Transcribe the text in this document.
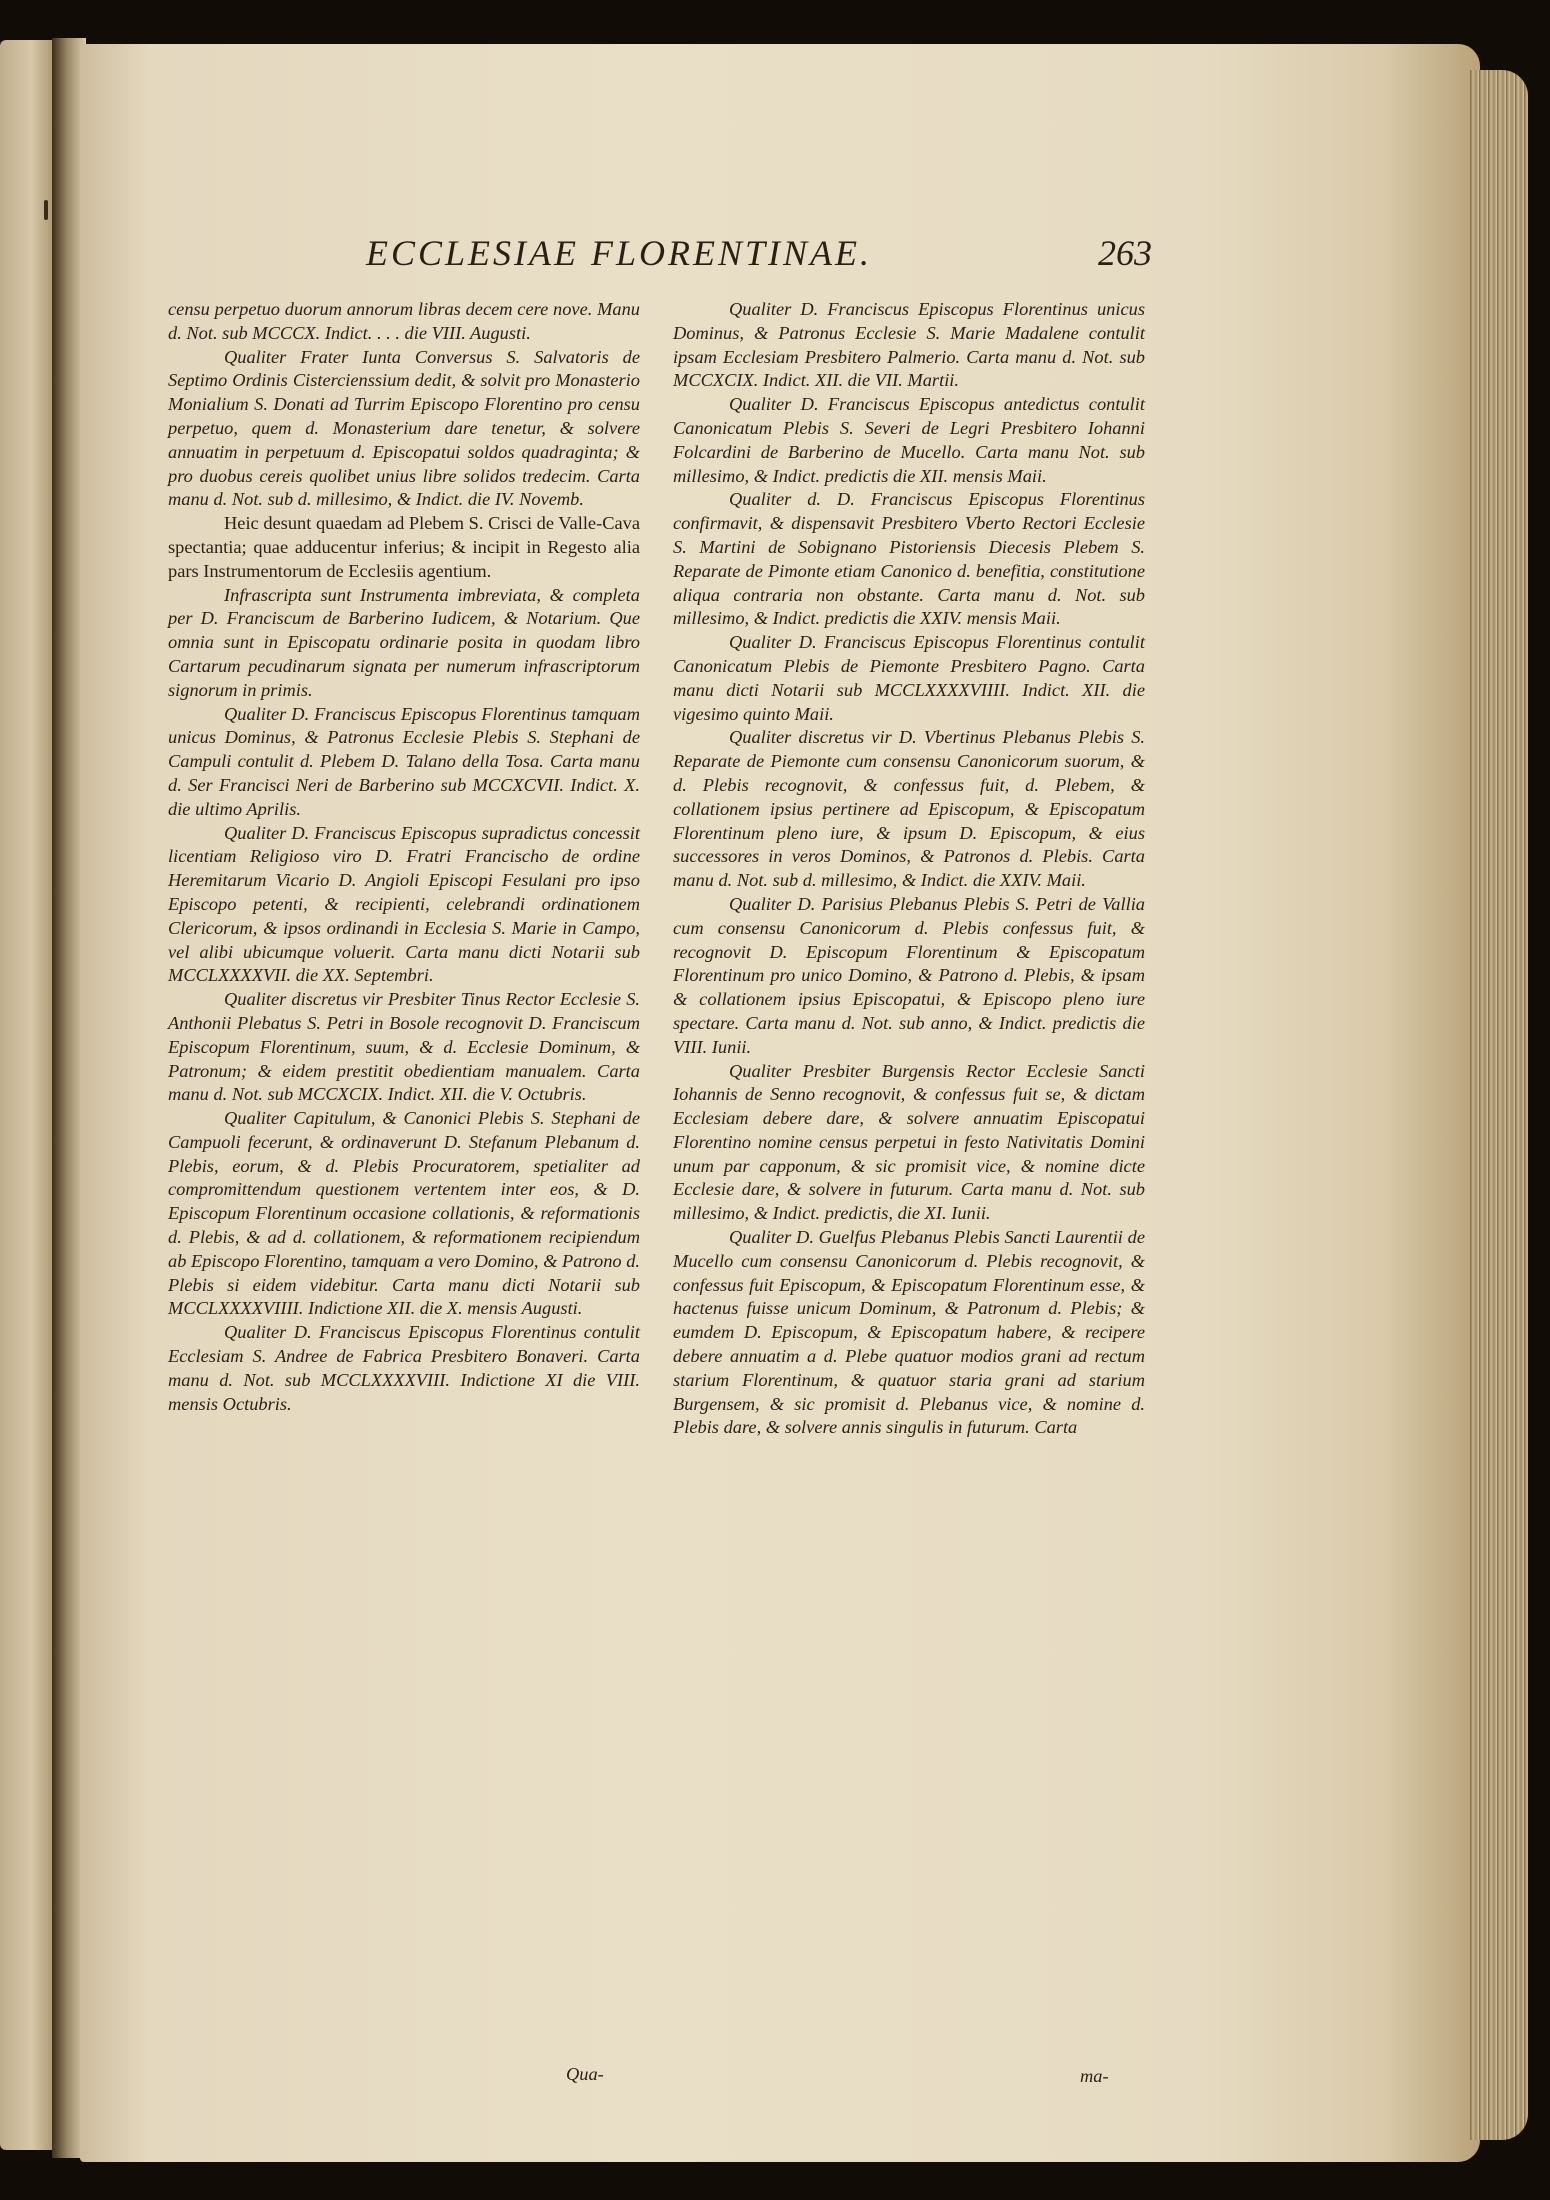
ECCLESIAE FLORENTINAE.	263

censu perpetuo duorum annorum libras decem cere nove. Manu d. Not. sub MCCCX. Indict. . . . die VIII. Augusti.

Qualiter Frater Iunta Conversus S. Salvatoris de Septimo Ordinis Cistercienssium dedit, & solvit pro Monasterio Monialium S. Donati ad Turrim Episcopo Florentino pro censu perpetuo, quem d. Monasterium dare tenetur, & solvere annuatim in perpetuum d. Episcopatui soldos quadraginta; & pro duobus cereis quolibet unius libre solidos tredecim. Carta manu d. Not. sub d. millesimo, & Indict. die IV. Novemb.

Heic desunt quaedam ad Plebem S. Crisci de Valle-Cava spectantia; quae adducentur inferius; & incipit in Regesto alia pars Instrumentorum de Ecclesiis agentium.

Infrascripta sunt Instrumenta imbreviata, & completa per D. Franciscum de Barberino Iudicem, & Notarium. Que omnia sunt in Episcopatu ordinarie posita in quodam libro Cartarum pecudinarum signata per numerum infrascriptorum signorum in primis.

Qualiter D. Franciscus Episcopus Florentinus tamquam unicus Dominus, & Patronus Ecclesie Plebis S. Stephani de Campuli contulit d. Plebem D. Talano della Tosa. Carta manu d. Ser Francisci Neri de Barberino sub MCCXCVII. Indict. X. die ultimo Aprilis.

Qualiter D. Franciscus Episcopus supradictus concessit licentiam Religioso viro D. Fratri Francischo de ordine Heremitarum Vicario D. Angioli Episcopi Fesulani pro ipso Episcopo petenti, & recipienti, celebrandi ordinationem Clericorum, & ipsos ordinandi in Ecclesia S. Marie in Campo, vel alibi ubicumque voluerit. Carta manu dicti Notarii sub MCCLXXXXVII. die XX. Septembri.

Qualiter discretus vir Presbiter Tinus Rector Ecclesie S. Anthonii Plebatus S. Petri in Bosole recognovit D. Franciscum Episcopum Florentinum, suum, & d. Ecclesie Dominum, & Patronum; & eidem prestitit obedientiam manualem. Carta manu d. Not. sub MCCXCIX. Indict. XII. die V. Octubris.

Qualiter Capitulum, & Canonici Plebis S. Stephani de Campuoli fecerunt, & ordinaverunt D. Stefanum Plebanum d. Plebis, eorum, & d. Plebis Procuratorem, spetialiter ad compromittendum questionem vertentem inter eos, & D. Episcopum Florentinum occasione collationis, & reformationis d. Plebis, & ad d. collationem, & reformationem recipiendum ab Episcopo Florentino, tamquam a vero Domino, & Patrono d. Plebis si eidem videbitur. Carta manu dicti Notarii sub MCCLXXXXVIIII. Indictione XII. die X. mensis Augusti.

Qualiter D. Franciscus Episcopus Florentinus contulit Ecclesiam S. Andree de Fabrica Presbitero Bonaveri. Carta manu d. Not. sub MCCLXXXXVIII. Indictione XI die VIII. mensis Octubris.

Qua-

Qualiter D. Franciscus Episcopus Florentinus unicus Dominus, & Patronus Ecclesie S. Marie Madalene contulit ipsam Ecclesiam Presbitero Palmerio. Carta manu d. Not. sub MCCXCIX. Indict. XII. die VII. Martii.

Qualiter D. Franciscus Episcopus antedictus contulit Canonicatum Plebis S. Severi de Legri Presbitero Iohanni Folcardini de Barberino de Mucello. Carta manu Not. sub millesimo, & Indict. predictis die XII. mensis Maii.

Qualiter d. D. Franciscus Episcopus Florentinus confirmavit, & dispensavit Presbitero Vberto Rectori Ecclesie S. Martini de Sobignano Pistoriensis Diecesis Plebem S. Reparate de Pimonte etiam Canonico d. benefitia, constitutione aliqua contraria non obstante. Carta manu d. Not. sub millesimo, & Indict. predictis die XXIV. mensis Maii.

Qualiter D. Franciscus Episcopus Florentinus contulit Canonicatum Plebis de Piemonte Presbitero Pagno. Carta manu dicti Notarii sub MCCLXXXXVIIII. Indict. XII. die vigesimo quinto Maii.

Qualiter discretus vir D. Vbertinus Plebanus Plebis S. Reparate de Piemonte cum consensu Canonicorum suorum, & d. Plebis recognovit, & confessus fuit, d. Plebem, & collationem ipsius pertinere ad Episcopum, & Episcopatum Florentinum pleno iure, & ipsum D. Episcopum, & eius successores in veros Dominos, & Patronos d. Plebis. Carta manu d. Not. sub d. millesimo, & Indict. die XXIV. Maii.

Qualiter D. Parisius Plebanus Plebis S. Petri de Vallia cum consensu Canonicorum d. Plebis confessus fuit, & recognovit D. Episcopum Florentinum & Episcopatum Florentinum pro unico Domino, & Patrono d. Plebis, & ipsam & collationem ipsius Episcopatui, & Episcopo pleno iure spectare. Carta manu d. Not. sub anno, & Indict. predictis die VIII. Iunii.

Qualiter Presbiter Burgensis Rector Ecclesie Sancti Iohannis de Senno recognovit, & confessus fuit se, & dictam Ecclesiam debere dare, & solvere annuatim Episcopatui Florentino nomine census perpetui in festo Nativitatis Domini unum par capponum, & sic promisit vice, & nomine dicte Ecclesie dare, & solvere in futurum. Carta manu d. Not. sub millesimo, & Indict. predictis, die XI. Iunii.

Qualiter D. Guelfus Plebanus Plebis Sancti Laurentii de Mucello cum consensu Canonicorum d. Plebis recognovit, & confessus fuit Episcopum, & Episcopatum Florentinum esse, & hactenus fuisse unicum Dominum, & Patronum d. Plebis; & eumdem D. Episcopum, & Episcopatum habere, & recipere debere annuatim a d. Plebe quatuor modios grani ad rectum starium Florentinum, & quatuor staria grani ad starium Burgensem, & sic promisit d. Plebanus vice, & nomine d. Plebis dare, & solvere annis singulis in futurum. Carta

ma-
